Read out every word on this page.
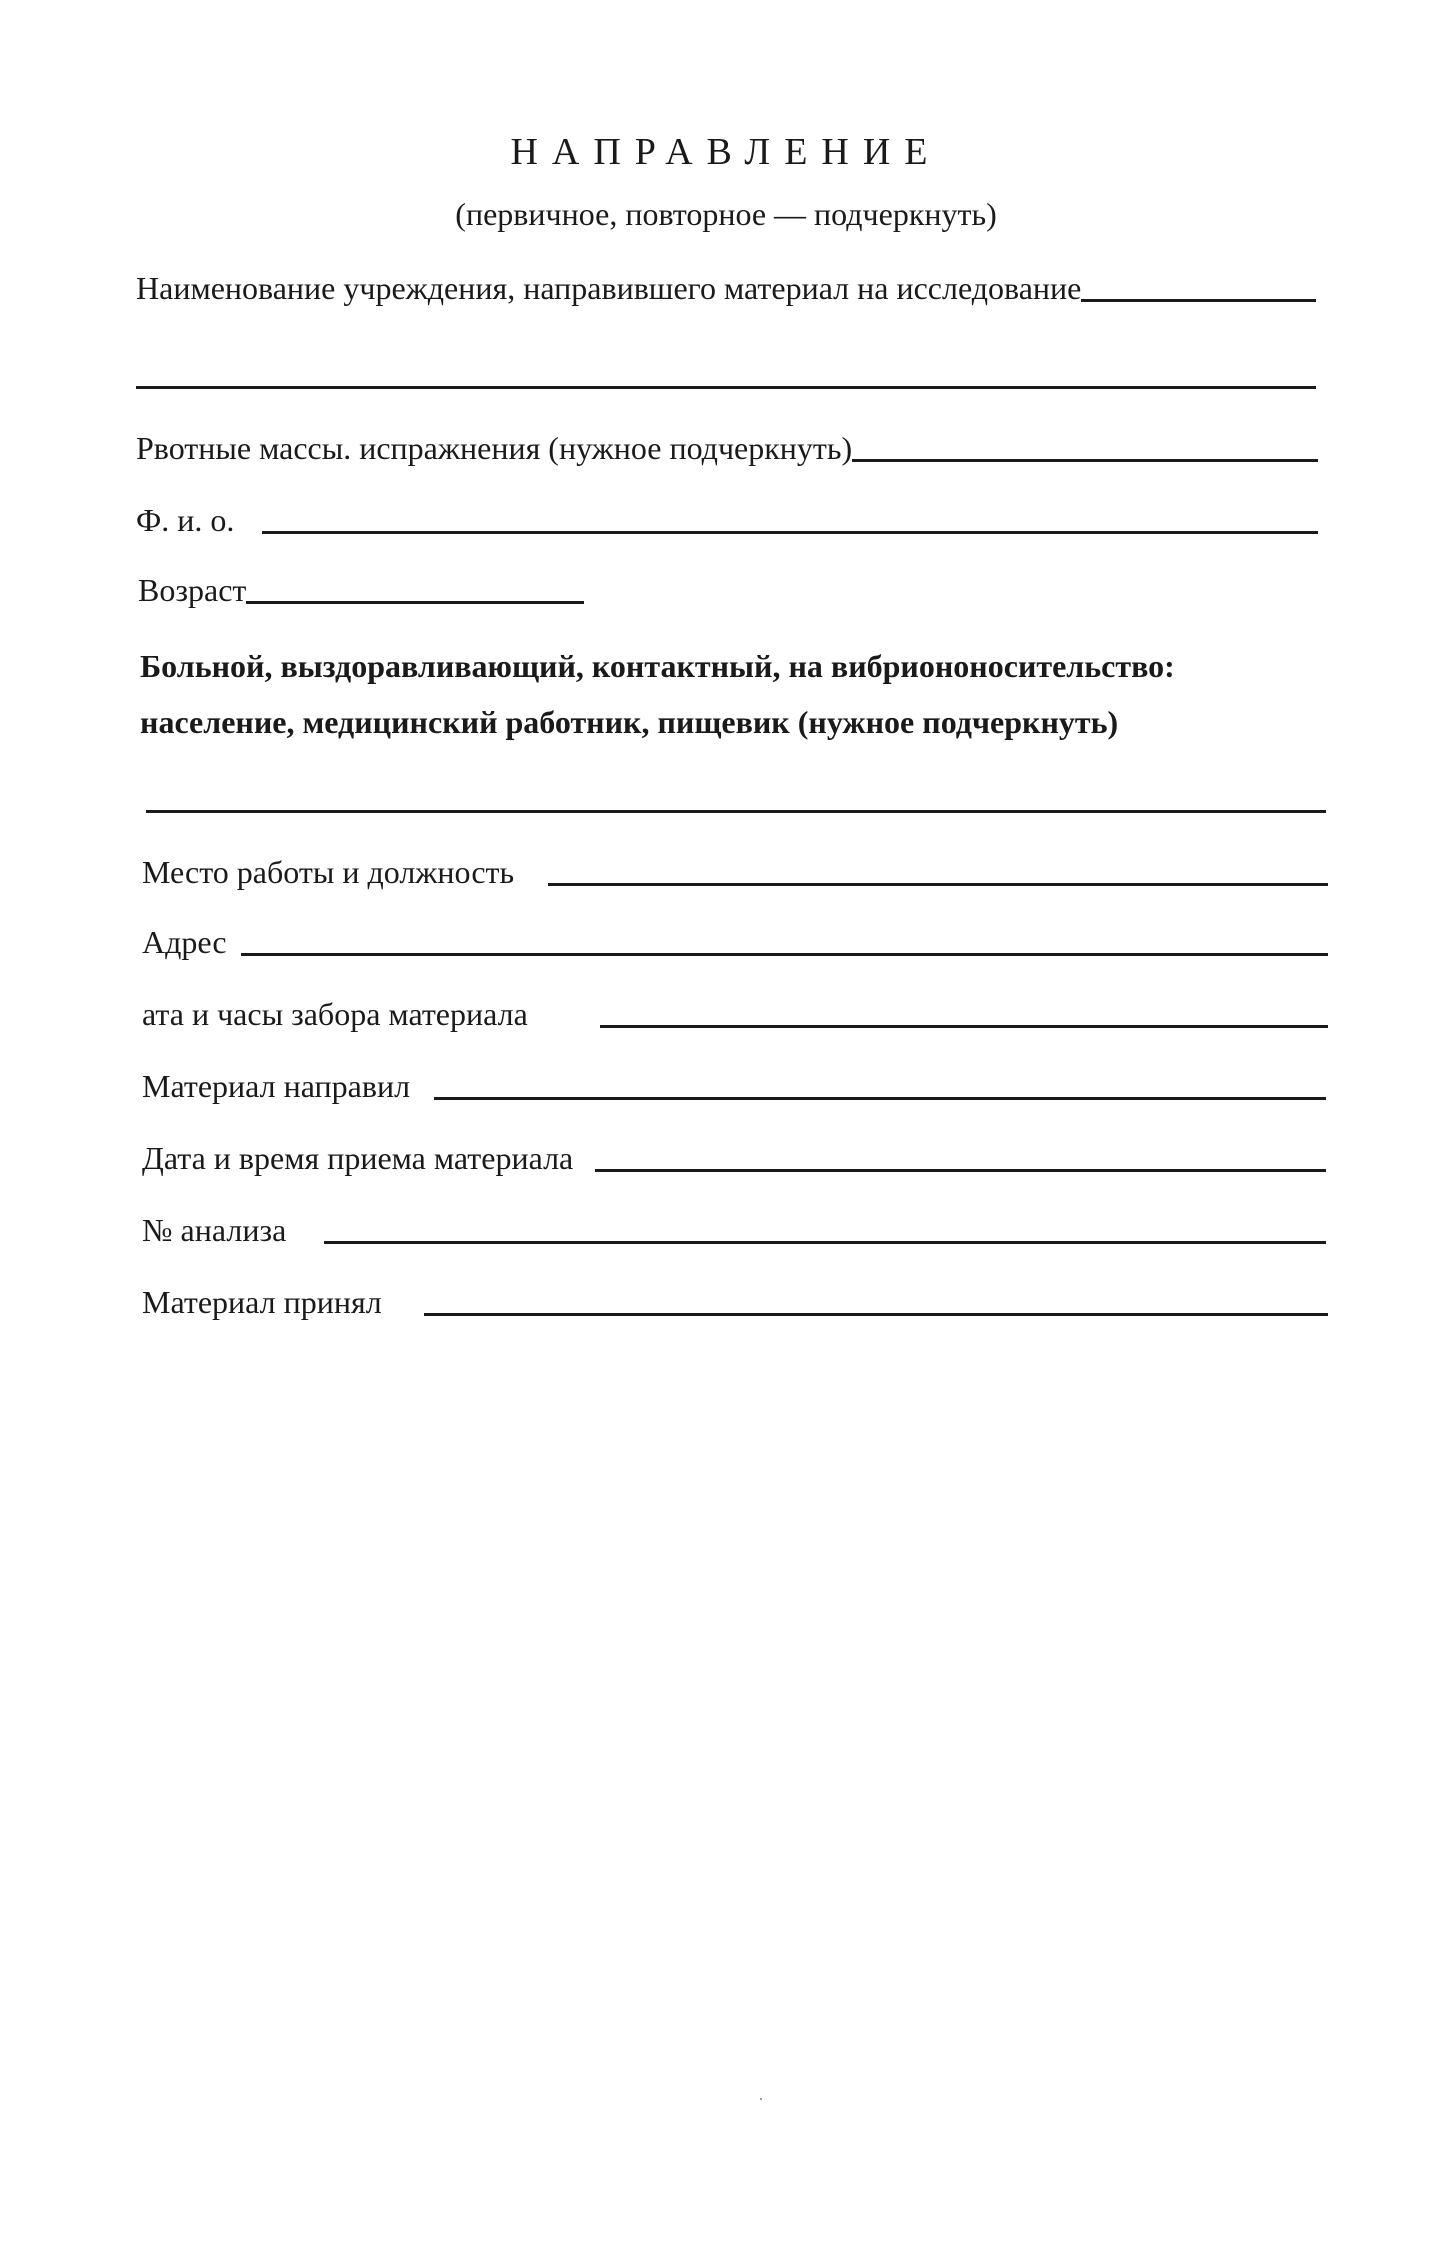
НАПРАВЛЕНИЕ

(первичное, повторное — подчеркнуть)

Наименование учреждения, направившего материал на исследование
Рвотные массы. испражнения (нужное подчеркнуть)
Ф. и. о.
Возраст
Больной, выздоравливающий, контактный, на вибриононосительство:
население, медицинский работник, пищевик (нужное подчеркнуть)
Место работы и должность
Адрес
ата и часы забора материала
Материал направил
Дата и время приема материала
№ анализа
Материал принял
